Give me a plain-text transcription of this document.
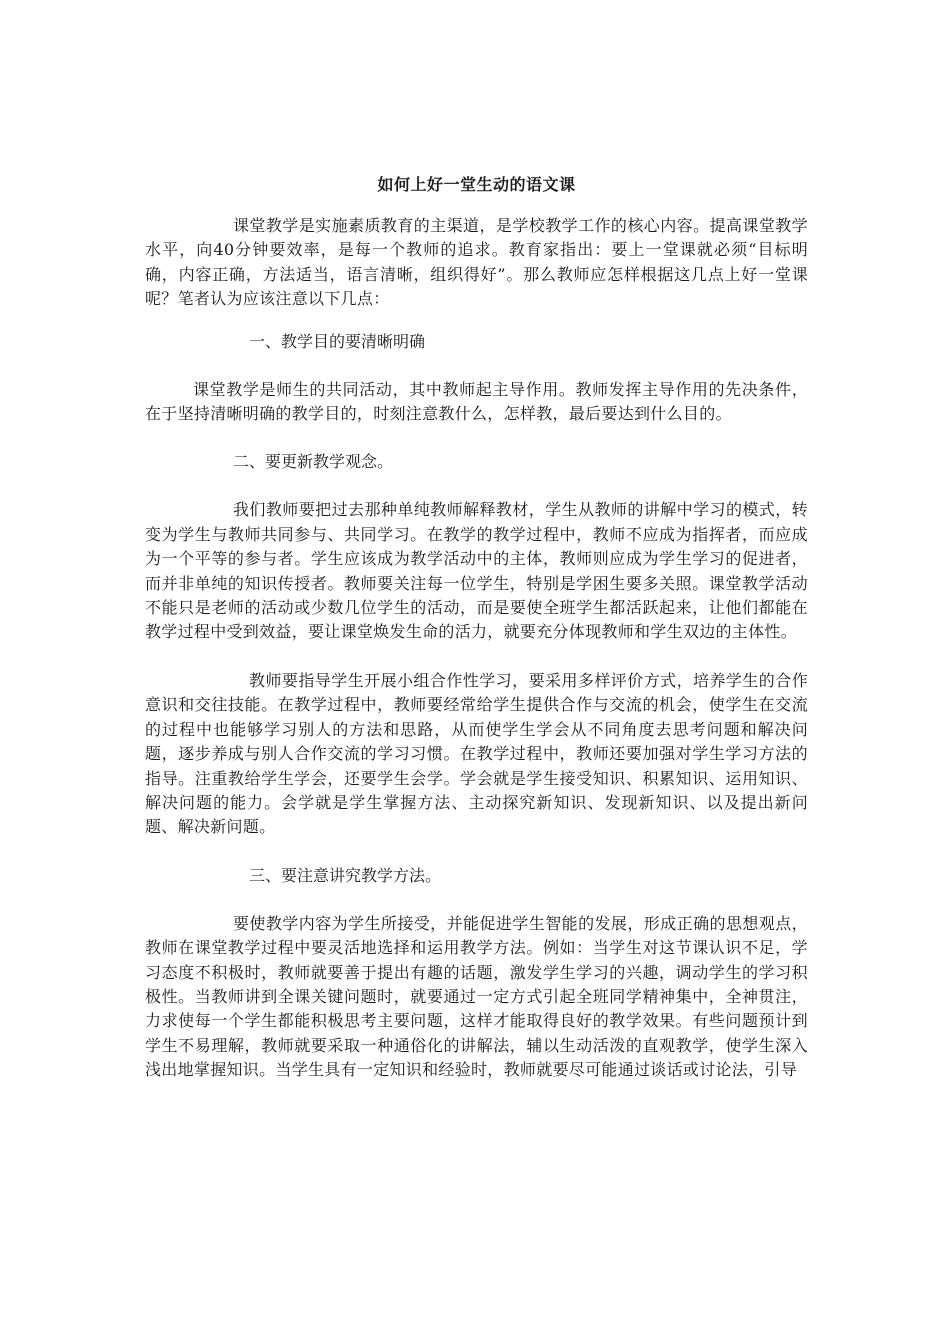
如何上好一堂生动的语文课

课堂教学是实施素质教育的主渠道，是学校教学工作的核心内容。提高课堂教学水平，向40分钟要效率，是每一个教师的追求。教育家指出：要上一堂课就必须“目标明确，内容正确，方法适当，语言清晰，组织得好”。那么教师应怎样根据这几点上好一堂课呢？笔者认为应该注意以下几点：

一、教学目的要清晰明确

课堂教学是师生的共同活动，其中教师起主导作用。教师发挥主导作用的先决条件，在于坚持清晰明确的教学目的，时刻注意教什么，怎样教，最后要达到什么目的。

二、要更新教学观念。

我们教师要把过去那种单纯教师解释教材，学生从教师的讲解中学习的模式，转变为学生与教师共同参与、共同学习。在教学的教学过程中，教师不应成为指挥者，而应成为一个平等的参与者。学生应该成为教学活动中的主体，教师则应成为学生学习的促进者，而并非单纯的知识传授者。教师要关注每一位学生，特别是学困生要多关照。课堂教学活动不能只是老师的活动或少数几位学生的活动，而是要使全班学生都活跃起来，让他们都能在教学过程中受到效益，要让课堂焕发生命的活力，就要充分体现教师和学生双边的主体性。

教师要指导学生开展小组合作性学习，要采用多样评价方式，培养学生的合作意识和交往技能。在教学过程中，教师要经常给学生提供合作与交流的机会，使学生在交流的过程中也能够学习别人的方法和思路，从而使学生学会从不同角度去思考问题和解决问题，逐步养成与别人合作交流的学习习惯。在教学过程中，教师还要加强对学生学习方法的指导。注重教给学生学会，还要学生会学。学会就是学生接受知识、积累知识、运用知识、解决问题的能力。会学就是学生掌握方法、主动探究新知识、发现新知识、以及提出新问题、解决新问题。

三、要注意讲究教学方法。

要使教学内容为学生所接受，并能促进学生智能的发展，形成正确的思想观点，教师在课堂教学过程中要灵活地选择和运用教学方法。例如：当学生对这节课认识不足，学习态度不积极时，教师就要善于提出有趣的话题，激发学生学习的兴趣，调动学生的学习积极性。当教师讲到全课关键问题时，就要通过一定方式引起全班同学精神集中，全神贯注，力求使每一个学生都能积极思考主要问题，这样才能取得良好的教学效果。有些问题预计到学生不易理解，教师就要采取一种通俗化的讲解法，辅以生动活泼的直观教学，使学生深入浅出地掌握知识。当学生具有一定知识和经验时，教师就要尽可能通过谈话或讨论法，引导
